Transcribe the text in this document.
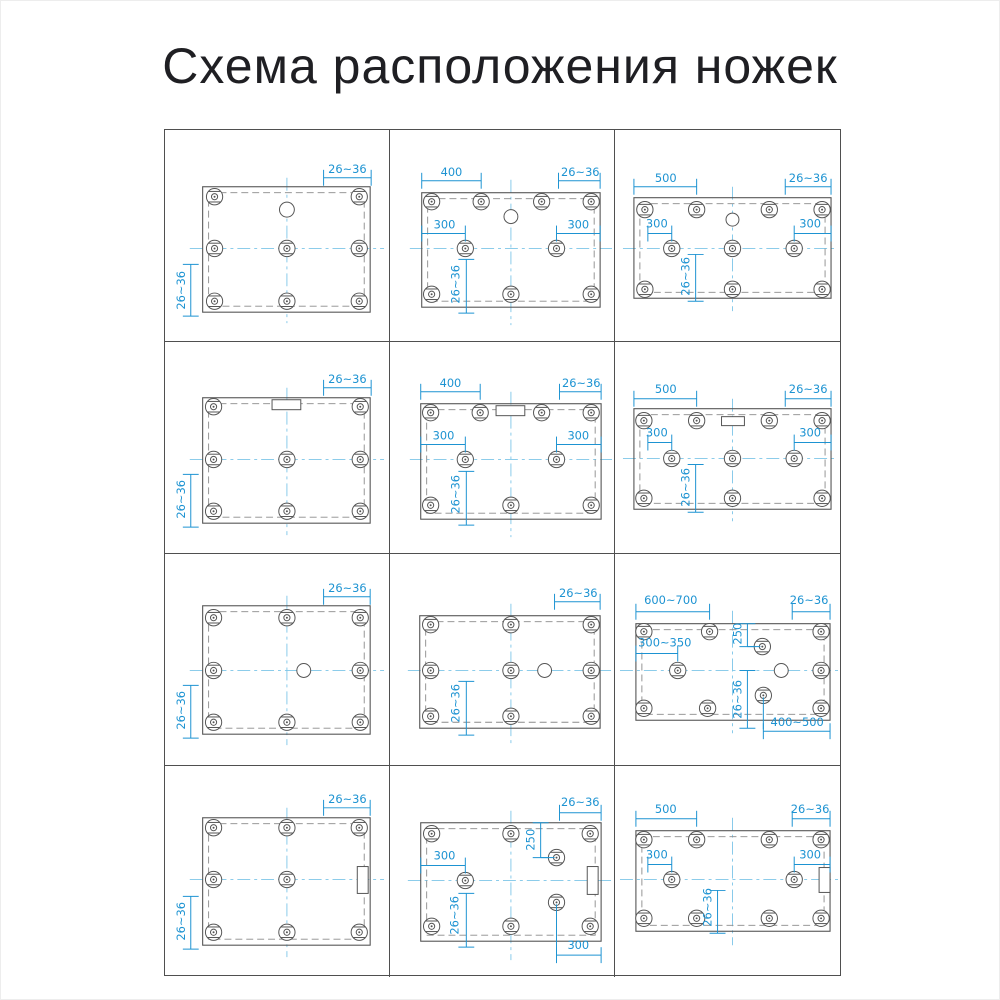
Схема расположения ножек
26~36
26~36
400	26~36
300	300
26~36
500	26~36
300	300
26~36
26~36
26~36
400	26~36
300	300
26~36
500	26~36
300	300
26~36
26~36
26~36
26~36
26~36
600~700	26~36
250
300~350
26~36
400~500
26~36
26~36
26~36
250
300
26~36
300
500	26~36
300	300
26~36
